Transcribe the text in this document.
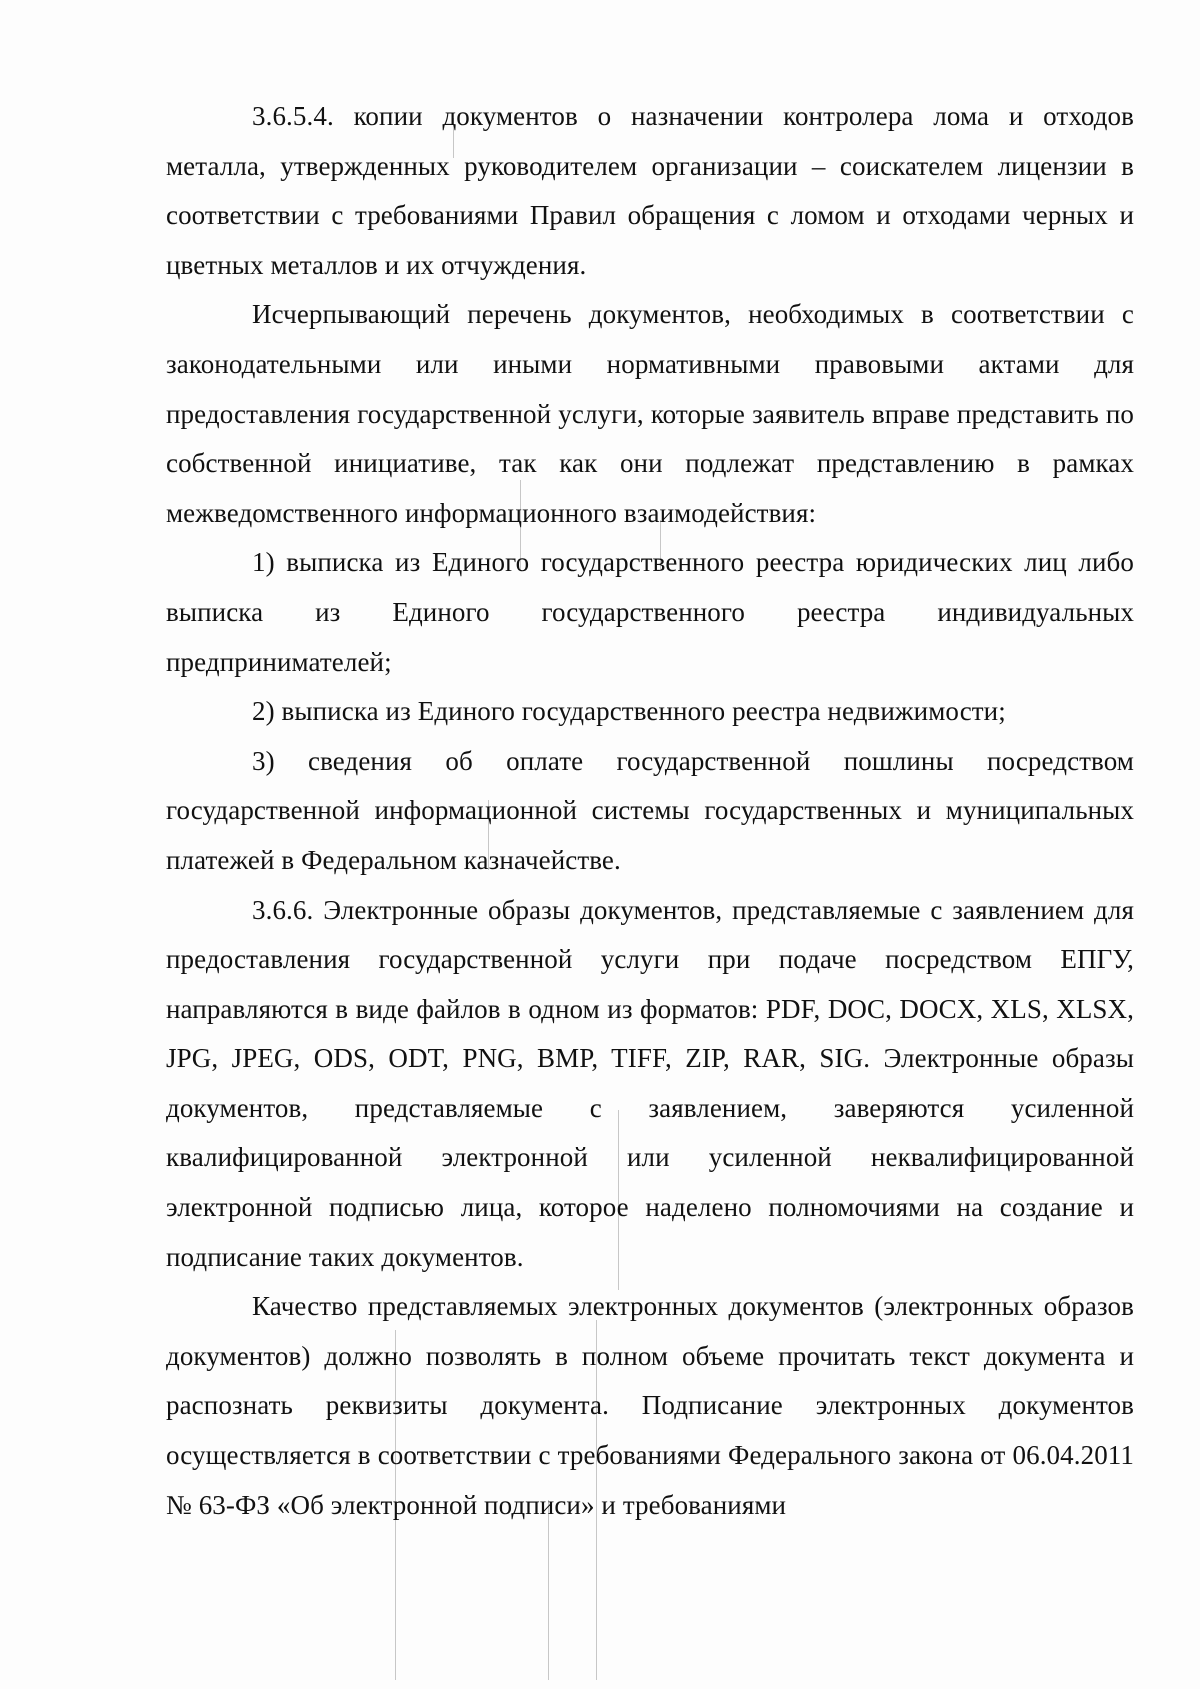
3.6.5.4. копии документов о назначении контролера лома и отходов металла, утвержденных руководителем организации – соискателем лицензии в соответствии с требованиями Правил обращения с ломом и отходами черных и цветных металлов и их отчуждения.

Исчерпывающий перечень документов, необходимых в соответствии с законодательными или иными нормативными правовыми актами для предоставления государственной услуги, которые заявитель вправе представить по собственной инициативе, так как они подлежат представлению в рамках межведомственного информационного взаимодействия:

1) выписка из Единого государственного реестра юридических лиц либо выписка из Единого государственного реестра индивидуальных предпринимателей;

2) выписка из Единого государственного реестра недвижимости;

3) сведения об оплате государственной пошлины посредством государственной информационной системы государственных и муниципальных платежей в Федеральном казначействе.

3.6.6. Электронные образы документов, представляемые с заявлением для предоставления государственной услуги при подаче посредством ЕПГУ, направляются в виде файлов в одном из форматов: PDF, DOC, DOCX, XLS, XLSX, JPG, JPEG, ODS, ODT, PNG, BMP, TIFF, ZIP, RAR, SIG. Электронные образы документов, представляемые с заявлением, заверяются усиленной квалифицированной электронной или усиленной неквалифицированной электронной подписью лица, которое наделено полномочиями на создание и подписание таких документов.

Качество представляемых электронных документов (электронных образов документов) должно позволять в полном объеме прочитать текст документа и распознать реквизиты документа. Подписание электронных документов осуществляется в соответствии с требованиями Федерального закона от 06.04.2011 № 63-ФЗ «Об электронной подписи» и требованиями
